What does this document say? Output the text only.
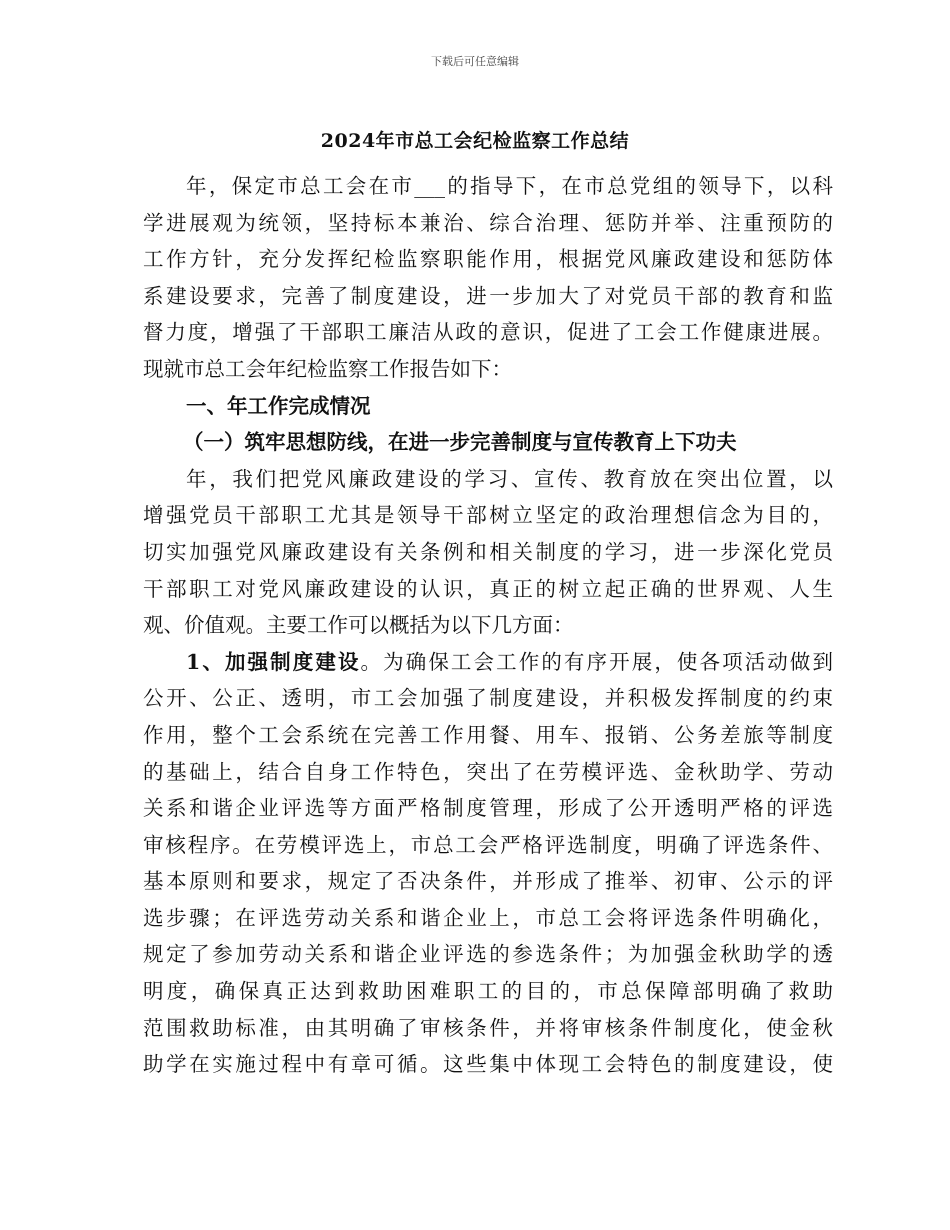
下载后可任意编辑
2024年市总工会纪检监察工作总结
年，保定市总工会在市___的指导下，在市总党组的领导下，以科
学进展观为统领，坚持标本兼治、综合治理、惩防并举、注重预防的
工作方针，充分发挥纪检监察职能作用，根据党风廉政建设和惩防体
系建设要求，完善了制度建设，进一步加大了对党员干部的教育和监
督力度，增强了干部职工廉洁从政的意识，促进了工会工作健康进展。
现就市总工会年纪检监察工作报告如下：
一、年工作完成情况
（一）筑牢思想防线，在进一步完善制度与宣传教育上下功夫
年，我们把党风廉政建设的学习、宣传、教育放在突出位置，以
增强党员干部职工尤其是领导干部树立坚定的政治理想信念为目的，
切实加强党风廉政建设有关条例和相关制度的学习，进一步深化党员
干部职工对党风廉政建设的认识，真正的树立起正确的世界观、人生
观、价值观。主要工作可以概括为以下几方面：
1、加强制度建设。为确保工会工作的有序开展，使各项活动做到
公开、公正、透明，市工会加强了制度建设，并积极发挥制度的约束
作用，整个工会系统在完善工作用餐、用车、报销、公务差旅等制度
的基础上，结合自身工作特色，突出了在劳模评选、金秋助学、劳动
关系和谐企业评选等方面严格制度管理，形成了公开透明严格的评选
审核程序。在劳模评选上，市总工会严格评选制度，明确了评选条件、
基本原则和要求，规定了否决条件，并形成了推举、初审、公示的评
选步骤；在评选劳动关系和谐企业上，市总工会将评选条件明确化，
规定了参加劳动关系和谐企业评选的参选条件；为加强金秋助学的透
明度，确保真正达到救助困难职工的目的，市总保障部明确了救助
范围救助标准，由其明确了审核条件，并将审核条件制度化，使金秋
助学在实施过程中有章可循。这些集中体现工会特色的制度建设，使
